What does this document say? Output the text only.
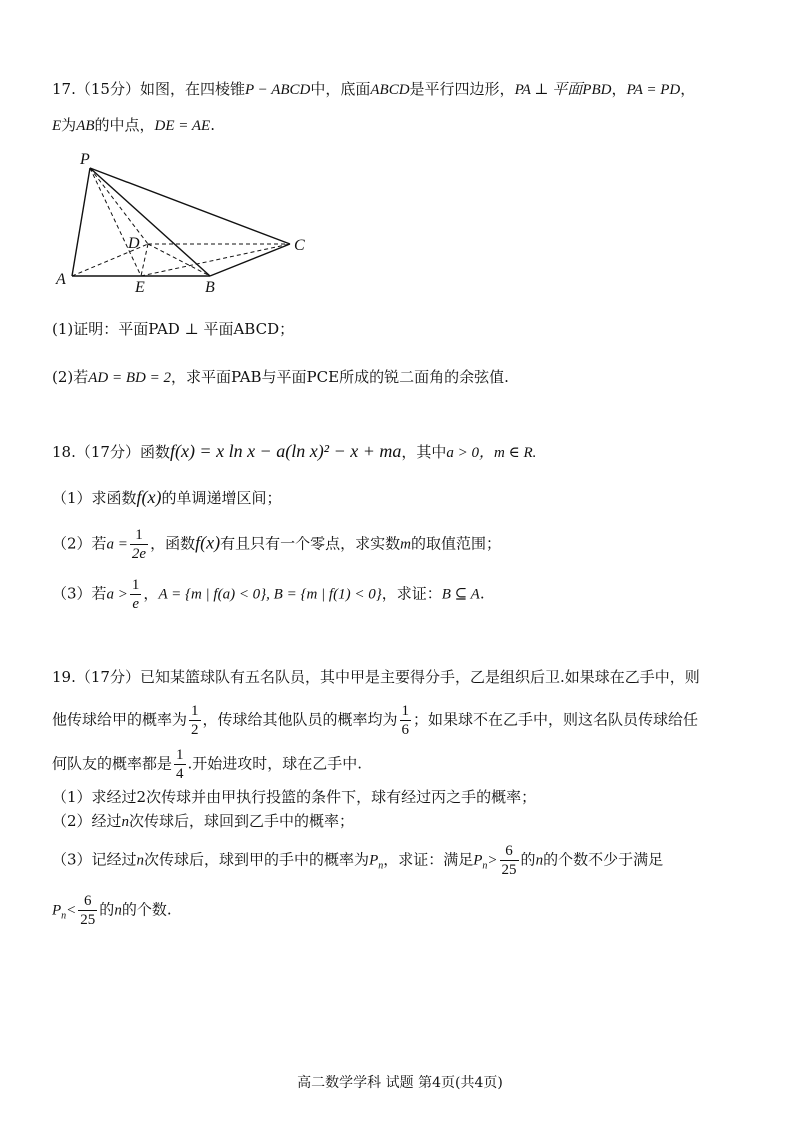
17.（15分）如图，在四棱锥P − ABCD中，底面ABCD是平行四边形，PA ⊥ 平面PBD，PA = PD，
E为AB的中点，DE = AE.
P
D	C
A	E	B
(1)证明：平面PAD ⊥ 平面ABCD；
(2)若AD = BD = 2，求平面PAB与平面PCE所成的锐二面角的余弦值.
18.（17分）函数f(x) = x ln x − a(ln x)² − x + ma，其中a > 0，m ∈ R.
（1）求函数f(x)的单调递增区间；
（2）若$a = \frac{1}{2e}$ ，函数f(x)有且只有一个零点，求实数m的取值范围；
（3）若$a > \frac{1}{e}$ ，A = {m | f(a) < 0}, B = {m | f(1) < 0}，求证：B ⊆ A.
19.（17分）已知某篮球队有五名队员，其中甲是主要得分手，乙是组织后卫.如果球在乙手中，则
他传球给甲的概率为 $\frac{1}{2}$ ，传球给其他队员的概率均为 $\frac{1}{6}$ ；如果球不在乙手中，则这名队员传球给任
何队友的概率都是 $\frac{1}{4}$ .开始进攻时，球在乙手中.
（1）求经过2次传球并由甲执行投篮的条件下，球有经过丙之手的概率；
（2）经过n次传球后，球回到乙手中的概率；
（3）记经过n次传球后，球到甲的手中的概率为$P_n$，求证：满足$P_n> \frac{6}{25}$ 的n的个数不少于满足
$P_n< \frac{6}{25}$ 的n的个数.
高二数学学科 试题 第4页(共4页)
